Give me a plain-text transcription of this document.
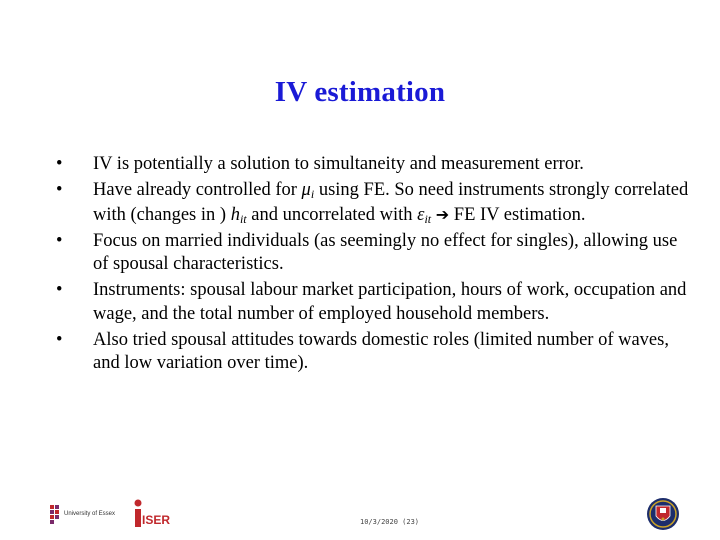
IV estimation
• IV is potentially a solution to simultaneity and measurement error.
• Have already controlled for $\mu_i$ using FE. So need instruments strongly correlated with (changes in ) $h_{it}$ and uncorrelated with $\varepsilon_{it}$ ➔ FE IV estimation.
• Focus on married individuals (as seemingly no effect for singles), allowing use of spousal characteristics.
• Instruments: spousal labour market participation, hours of work, occupation and wage, and the total number of employed household members.
• Also tried spousal attitudes towards domestic roles (limited number of waves, and low variation over time).
University of Essex ISER	10/3/2020 (23)
